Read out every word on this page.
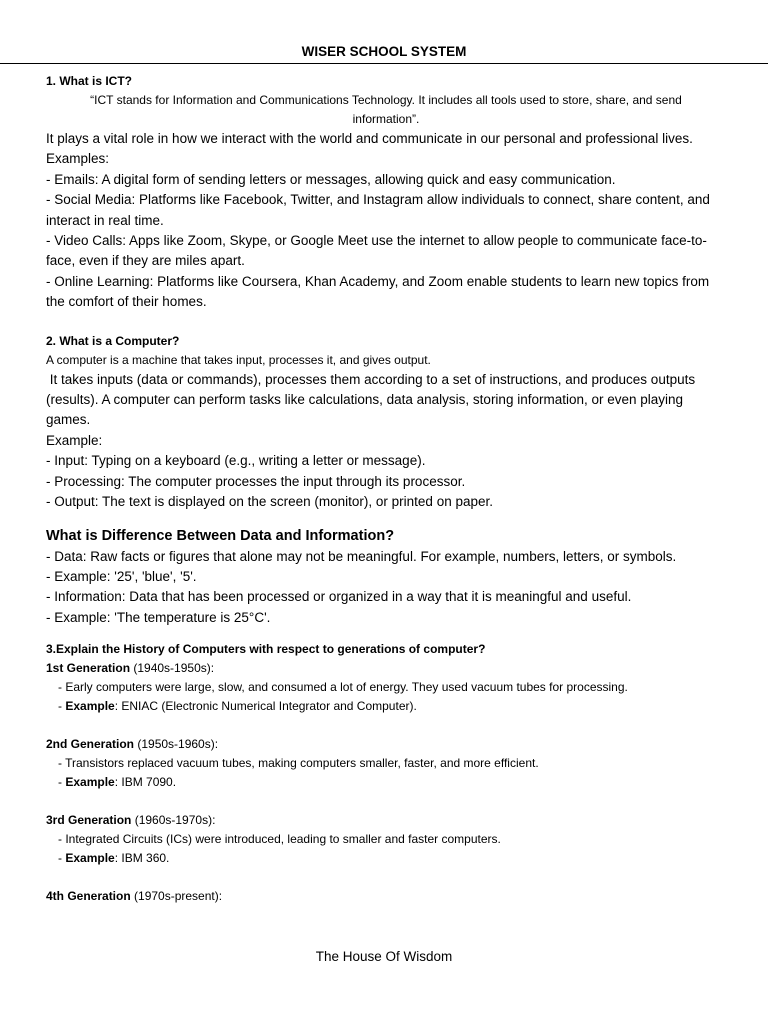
WISER SCHOOL SYSTEM
1. What is ICT?
“ICT stands for Information and Communications Technology. It includes all tools used to store, share, and send information”.
It plays a vital role in how we interact with the world and communicate in our personal and professional lives.
Examples:
- Emails: A digital form of sending letters or messages, allowing quick and easy communication.
- Social Media: Platforms like Facebook, Twitter, and Instagram allow individuals to connect, share content, and interact in real time.
- Video Calls: Apps like Zoom, Skype, or Google Meet use the internet to allow people to communicate face-to-face, even if they are miles apart.
- Online Learning: Platforms like Coursera, Khan Academy, and Zoom enable students to learn new topics from the comfort of their homes.
2. What is a Computer?
A computer is a machine that takes input, processes it, and gives output.
It takes inputs (data or commands), processes them according to a set of instructions, and produces outputs (results). A computer can perform tasks like calculations, data analysis, storing information, or even playing games.
Example:
- Input: Typing on a keyboard (e.g., writing a letter or message).
- Processing: The computer processes the input through its processor.
- Output: The text is displayed on the screen (monitor), or printed on paper.
What is Difference Between Data and Information?
- Data: Raw facts or figures that alone may not be meaningful. For example, numbers, letters, or symbols.
- Example: '25', 'blue', '5'.
- Information: Data that has been processed or organized in a way that it is meaningful and useful.
- Example: 'The temperature is 25°C'.
3.Explain the History of Computers with respect to generations of computer?
1st Generation (1940s-1950s):
- Early computers were large, slow, and consumed a lot of energy. They used vacuum tubes for processing.
- Example: ENIAC (Electronic Numerical Integrator and Computer).
2nd Generation (1950s-1960s):
- Transistors replaced vacuum tubes, making computers smaller, faster, and more efficient.
- Example: IBM 7090.
3rd Generation (1960s-1970s):
- Integrated Circuits (ICs) were introduced, leading to smaller and faster computers.
- Example: IBM 360.
4th Generation (1970s-present):
The House Of Wisdom
